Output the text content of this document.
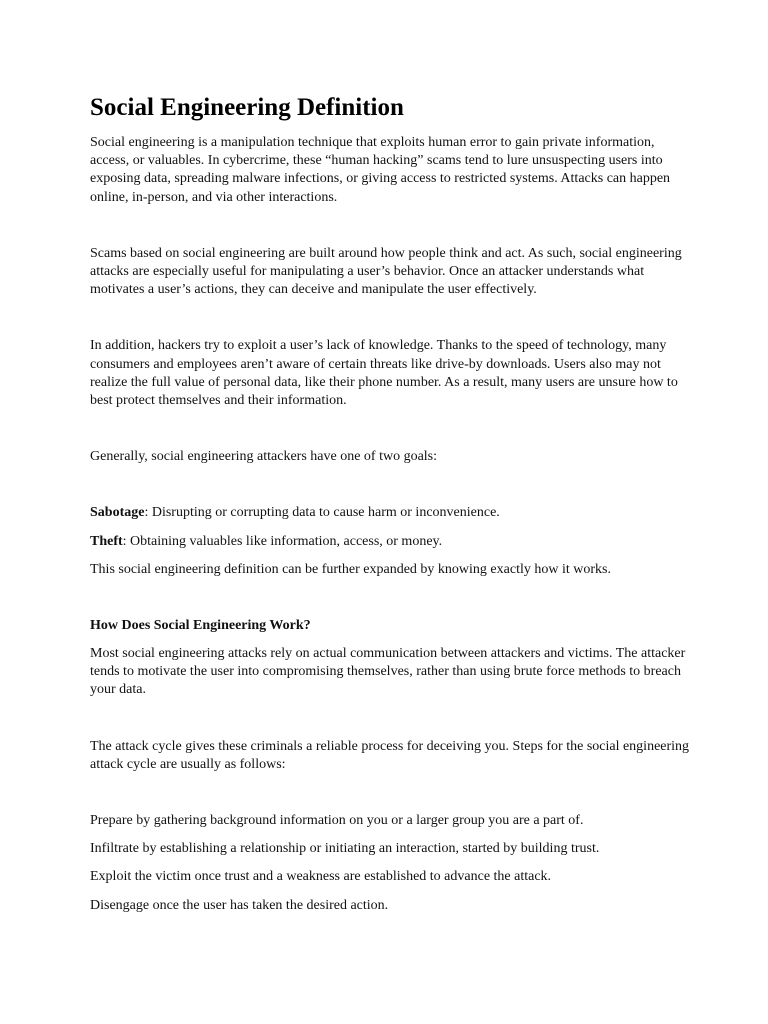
Social Engineering Definition

Social engineering is a manipulation technique that exploits human error to gain private information, access, or valuables. In cybercrime, these “human hacking” scams tend to lure unsuspecting users into exposing data, spreading malware infections, or giving access to restricted systems. Attacks can happen online, in-person, and via other interactions.

Scams based on social engineering are built around how people think and act. As such, social engineering attacks are especially useful for manipulating a user’s behavior. Once an attacker understands what motivates a user’s actions, they can deceive and manipulate the user effectively.

In addition, hackers try to exploit a user’s lack of knowledge. Thanks to the speed of technology, many consumers and employees aren’t aware of certain threats like drive-by downloads. Users also may not realize the full value of personal data, like their phone number. As a result, many users are unsure how to best protect themselves and their information.

Generally, social engineering attackers have one of two goals:

Sabotage: Disrupting or corrupting data to cause harm or inconvenience.

Theft: Obtaining valuables like information, access, or money.

This social engineering definition can be further expanded by knowing exactly how it works.

How Does Social Engineering Work?

Most social engineering attacks rely on actual communication between attackers and victims. The attacker tends to motivate the user into compromising themselves, rather than using brute force methods to breach your data.

The attack cycle gives these criminals a reliable process for deceiving you. Steps for the social engineering attack cycle are usually as follows:

Prepare by gathering background information on you or a larger group you are a part of.

Infiltrate by establishing a relationship or initiating an interaction, started by building trust.

Exploit the victim once trust and a weakness are established to advance the attack.

Disengage once the user has taken the desired action.
